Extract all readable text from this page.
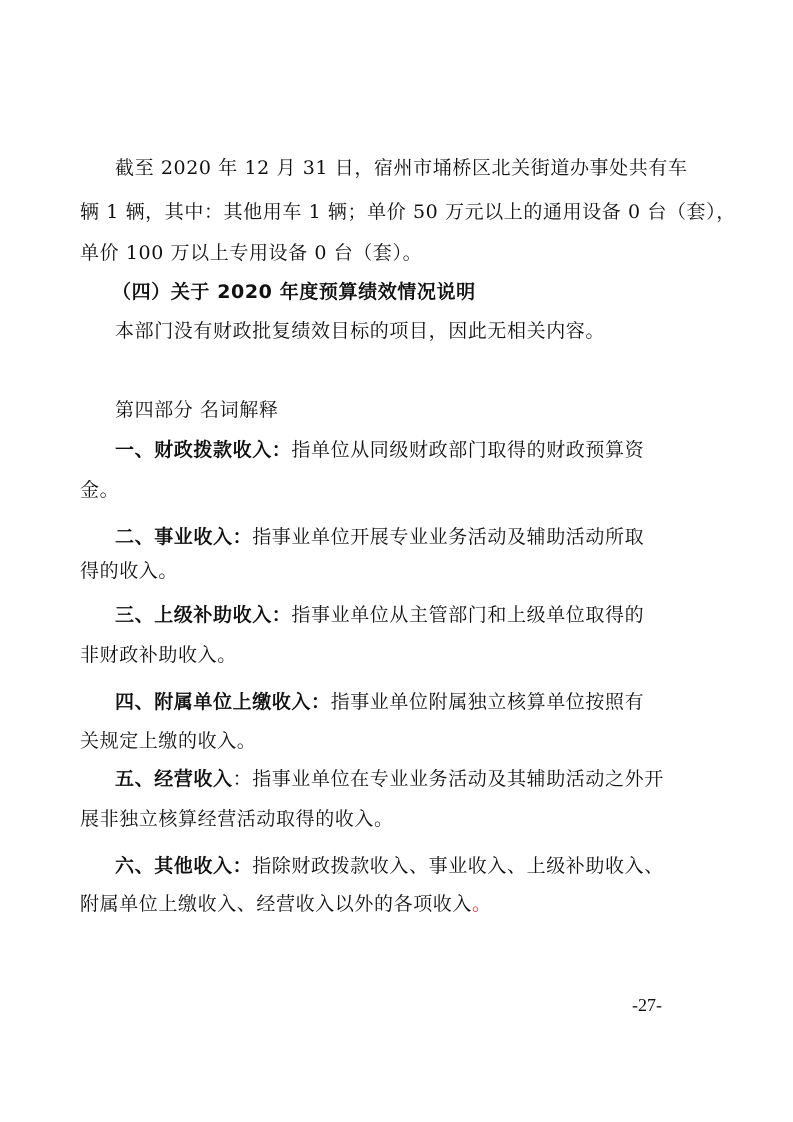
截至 2020 年 12 月 31 日，宿州市埇桥区北关街道办事处共有车
辆 1 辆，其中：其他用车 1 辆；单价 50 万元以上的通用设备 0 台（套），
单价 100 万以上专用设备 0 台（套）。
（四）关于 2020 年度预算绩效情况说明
本部门没有财政批复绩效目标的项目，因此无相关内容。
第四部分 名词解释
一、财政拨款收入：指单位从同级财政部门取得的财政预算资
金。
二、事业收入：指事业单位开展专业业务活动及辅助活动所取
得的收入。
三、上级补助收入：指事业单位从主管部门和上级单位取得的
非财政补助收入。
四、附属单位上缴收入：指事业单位附属独立核算单位按照有
关规定上缴的收入。
五、经营收入：指事业单位在专业业务活动及其辅助活动之外开
展非独立核算经营活动取得的收入。
六、其他收入：指除财政拨款收入、事业收入、上级补助收入、
附属单位上缴收入、经营收入以外的各项收入。
-27-
